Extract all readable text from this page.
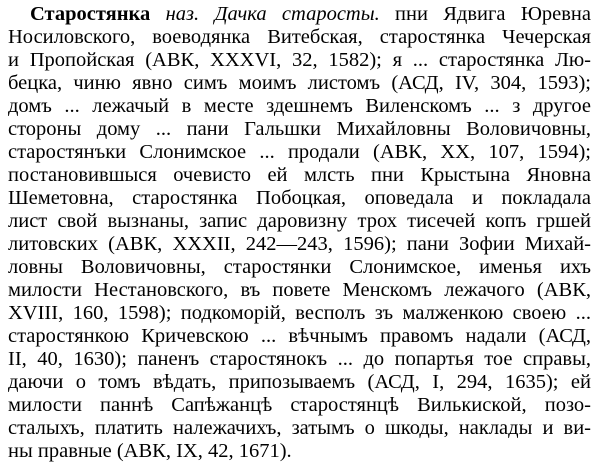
Старостянка наз. Дачка старосты. пни Ядвига Юревна
Носиловского, воеводянка Витебская, старостянка Чечерская
и Пропойская (АВК, XXXVI, 32, 1582); я ... старостянка Лю-
бецка, чиню явно симъ моимъ листомъ (АСД, IV, 304, 1593);
домъ ... лежачый в месте здешнемъ Виленскомъ ... з другое
стороны дому ... пани Гальшки Михайловны Воловичовны,
старостянъки Слонимское ... продали (АВК, XX, 107, 1594);
постановившыся очевисто ей млсть пни Крыстына Яновна
Шеметовна, старостянка Побоцкая, оповедала и покладала
лист свой вызнаны, запис даровизну трох тисечей копъ гршей
литовских (АВК, XXXII, 242—243, 1596); пани Зофии Михай-
ловны Воловичовны, старостянки Слонимское, именья ихъ
милости Нестановского, въ повете Менскомъ лежачого (АВК,
XVIII, 160, 1598); подкоморій, весполъ зъ малженкою своею ...
старостянкою Кричевскою ... вѣчнымъ правомъ надали (АСД,
II, 40, 1630); паненъ старостянокъ ... до попартья тое справы,
даючи о томъ вѣдать, припозываемъ (АСД, I, 294, 1635); ей
милости паннѣ Сапѣжанцѣ старостянцѣ Вилькиской, позо-
сталыхъ, платить належачихъ, затымъ о шкоды, наклады и ви-
ны правные (АВК, IX, 42, 1671).
